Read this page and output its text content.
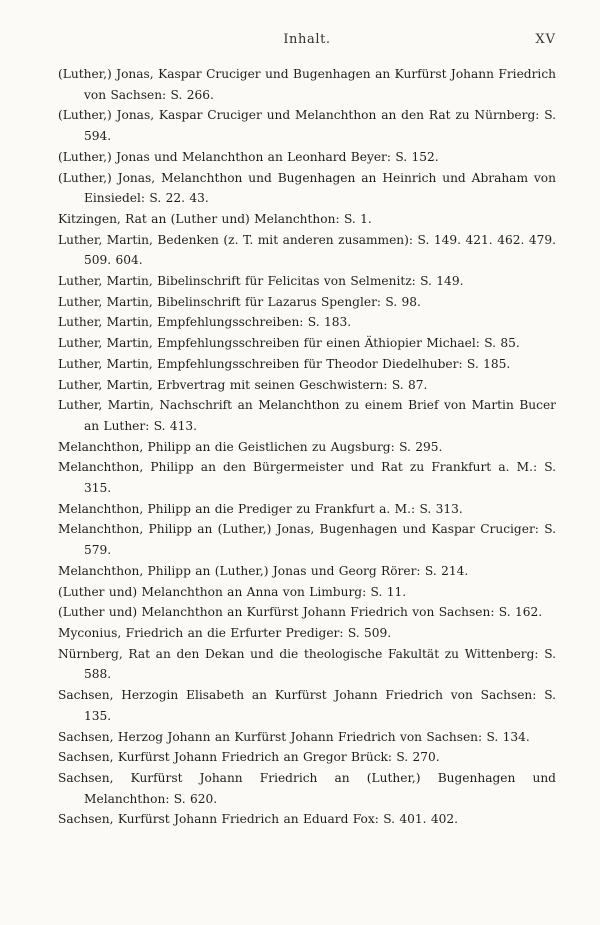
Inhalt.	XV
(Luther,) Jonas, Kaspar Cruciger und Bugenhagen an Kurfürst Johann Friedrich von Sachsen: S. 266.
(Luther,) Jonas, Kaspar Cruciger und Melanchthon an den Rat zu Nürnberg: S. 594.
(Luther,) Jonas und Melanchthon an Leonhard Beyer: S. 152.
(Luther,) Jonas, Melanchthon und Bugenhagen an Heinrich und Abraham von Einsiedel: S. 22. 43.
Kitzingen, Rat an (Luther und) Melanchthon: S. 1.
Luther, Martin, Bedenken (z. T. mit anderen zusammen): S. 149. 421. 462. 479. 509. 604.
Luther, Martin, Bibelinschrift für Felicitas von Selmenitz: S. 149.
Luther, Martin, Bibelinschrift für Lazarus Spengler: S. 98.
Luther, Martin, Empfehlungsschreiben: S. 183.
Luther, Martin, Empfehlungsschreiben für einen Äthiopier Michael: S. 85.
Luther, Martin, Empfehlungsschreiben für Theodor Diedelhuber: S. 185.
Luther, Martin, Erbvertrag mit seinen Geschwistern: S. 87.
Luther, Martin, Nachschrift an Melanchthon zu einem Brief von Martin Bucer an Luther: S. 413.
Melanchthon, Philipp an die Geistlichen zu Augsburg: S. 295.
Melanchthon, Philipp an den Bürgermeister und Rat zu Frankfurt a. M.: S. 315.
Melanchthon, Philipp an die Prediger zu Frankfurt a. M.: S. 313.
Melanchthon, Philipp an (Luther,) Jonas, Bugenhagen und Kaspar Cruciger: S. 579.
Melanchthon, Philipp an (Luther,) Jonas und Georg Rörer: S. 214.
(Luther und) Melanchthon an Anna von Limburg: S. 11.
(Luther und) Melanchthon an Kurfürst Johann Friedrich von Sachsen: S. 162.
Myconius, Friedrich an die Erfurter Prediger: S. 509.
Nürnberg, Rat an den Dekan und die theologische Fakultät zu Wittenberg: S. 588.
Sachsen, Herzogin Elisabeth an Kurfürst Johann Friedrich von Sachsen: S. 135.
Sachsen, Herzog Johann an Kurfürst Johann Friedrich von Sachsen: S. 134.
Sachsen, Kurfürst Johann Friedrich an Gregor Brück: S. 270.
Sachsen, Kurfürst Johann Friedrich an (Luther,) Bugenhagen und Melanchthon: S. 620.
Sachsen, Kurfürst Johann Friedrich an Eduard Fox: S. 401. 402.
